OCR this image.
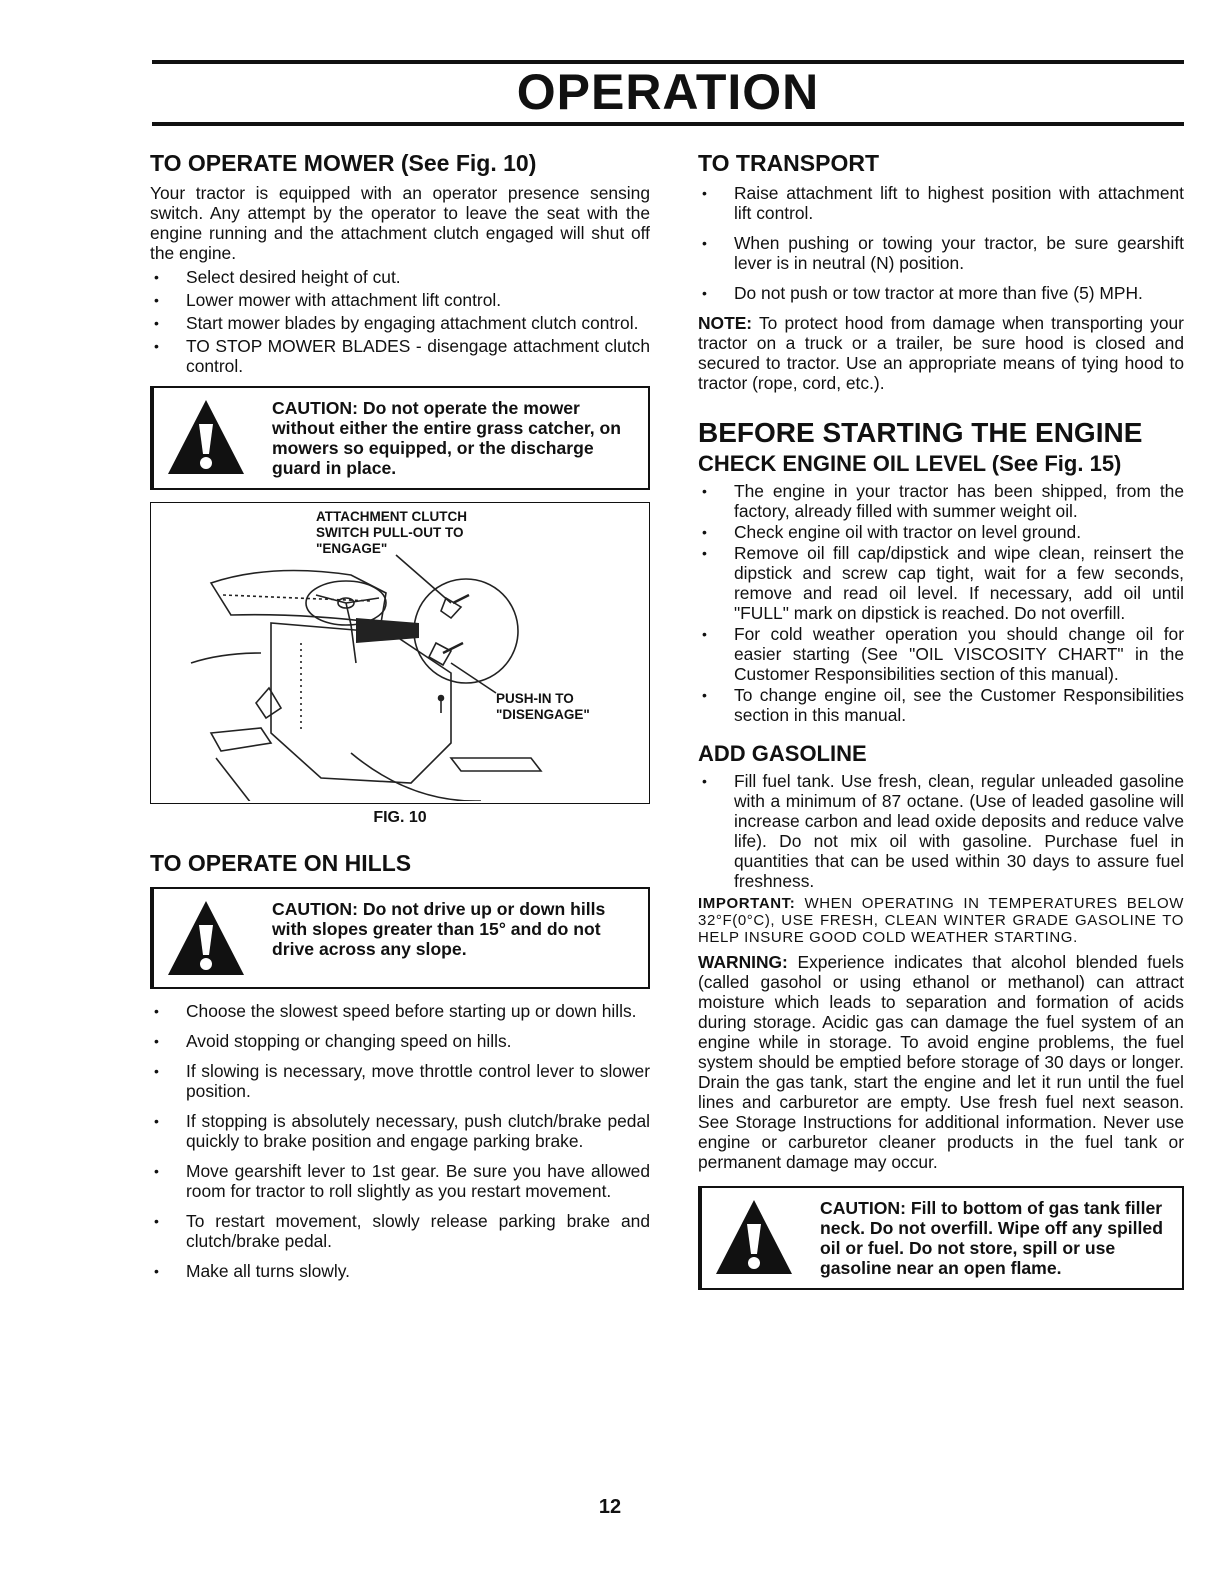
OPERATION
TO OPERATE MOWER (See Fig. 10)

Your tractor is equipped with an operator presence sensing switch. Any attempt by the operator to leave the seat with the engine running and the attachment clutch engaged will shut off the engine.

• Select desired height of cut.
• Lower mower with attachment lift control.
• Start mower blades by engaging attachment clutch control.
• TO STOP MOWER BLADES - disengage attachment clutch control.
CAUTION: Do not operate the mower without either the entire grass catcher, on mowers so equipped, or the discharge guard in place.
ATTACHMENT CLUTCH SWITCH PULL-OUT TO "ENGAGE"
PUSH-IN TO "DISENGAGE"
FIG. 10
TO OPERATE ON HILLS
CAUTION: Do not drive up or down hills with slopes greater than 15° and do not drive across any slope.
• Choose the slowest speed before starting up or down hills.
• Avoid stopping or changing speed on hills.
• If slowing is necessary, move throttle control lever to slower position.
• If stopping is absolutely necessary, push clutch/brake pedal quickly to brake position and engage parking brake.
• Move gearshift lever to 1st gear. Be sure you have allowed room for tractor to roll slightly as you restart movement.
• To restart movement, slowly release parking brake and clutch/brake pedal.
• Make all turns slowly.
TO TRANSPORT
• Raise attachment lift to highest position with attachment lift control.
• When pushing or towing your tractor, be sure gearshift lever is in neutral (N) position.
• Do not push or tow tractor at more than five (5) MPH.

NOTE: To protect hood from damage when transporting your tractor on a truck or a trailer, be sure hood is closed and secured to tractor. Use an appropriate means of tying hood to tractor (rope, cord, etc.).

BEFORE STARTING THE ENGINE
CHECK ENGINE OIL LEVEL (See Fig. 15)
• The engine in your tractor has been shipped, from the factory, already filled with summer weight oil.
• Check engine oil with tractor on level ground.
• Remove oil fill cap/dipstick and wipe clean, reinsert the dipstick and screw cap tight, wait for a few seconds, remove and read oil level. If necessary, add oil until "FULL" mark on dipstick is reached. Do not overfill.
• For cold weather operation you should change oil for easier starting (See "OIL VISCOSITY CHART" in the Customer Responsibilities section of this manual).
• To change engine oil, see the Customer Responsibilities section in this manual.
ADD GASOLINE
• Fill fuel tank. Use fresh, clean, regular unleaded gasoline with a minimum of 87 octane. (Use of leaded gasoline will increase carbon and lead oxide deposits and reduce valve life). Do not mix oil with gasoline. Purchase fuel in quantities that can be used within 30 days to assure fuel freshness.

IMPORTANT: WHEN OPERATING IN TEMPERATURES BELOW 32°F(0°C), USE FRESH, CLEAN WINTER GRADE GASOLINE TO HELP INSURE GOOD COLD WEATHER STARTING.

WARNING: Experience indicates that alcohol blended fuels (called gasohol or using ethanol or methanol) can attract moisture which leads to separation and formation of acids during storage. Acidic gas can damage the fuel system of an engine while in storage. To avoid engine problems, the fuel system should be emptied before storage of 30 days or longer. Drain the gas tank, start the engine and let it run until the fuel lines and carburetor are empty. Use fresh fuel next season. See Storage Instructions for additional information. Never use engine or carburetor cleaner products in the fuel tank or permanent damage may occur.

CAUTION: Fill to bottom of gas tank filler neck. Do not overfill. Wipe off any spilled oil or fuel. Do not store, spill or use gasoline near an open flame.
12
